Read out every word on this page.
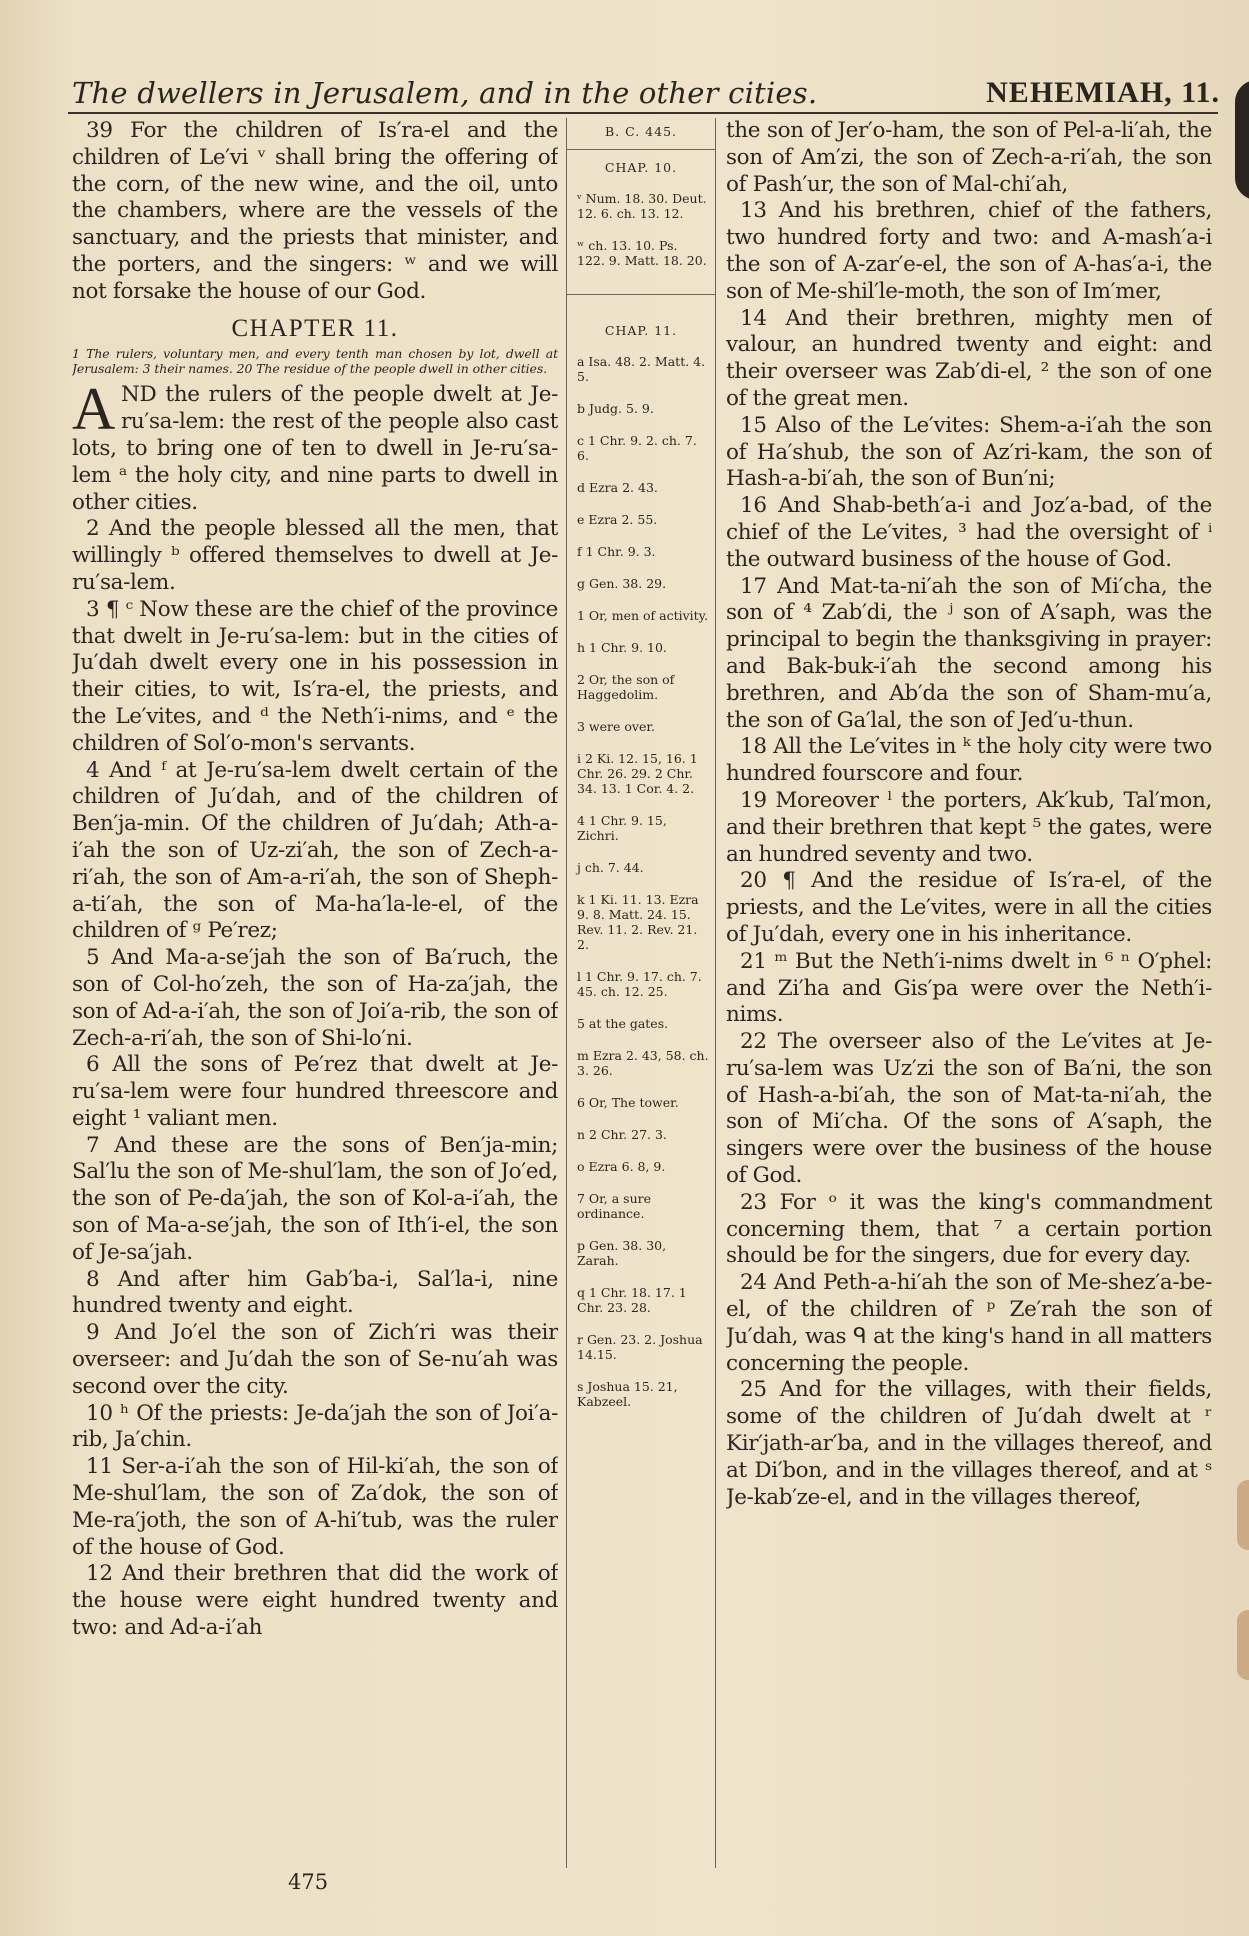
The dwellers in Jerusalem, and in the other cities.	NEHEMIAH, 11.

39 For the children of Is′ra-el and the children of Le′vi ᵛ shall bring the offering of the corn, of the new wine, and the oil, unto the chambers, where are the vessels of the sanctuary, and the priests that minister, and the porters, and the singers: ʷ and we will not forsake the house of our God.

CHAPTER 11.
1 The rulers, voluntary men, and every tenth man chosen by lot, dwell at Jerusalem: 3 their names. 20 The residue of the people dwell in other cities.

AND the rulers of the people dwelt at Je-ru′sa-lem: the rest of the people also cast lots, to bring one of ten to dwell in Je-ru′sa-lem ᵃ the holy city, and nine parts to dwell in other cities.

2 And the people blessed all the men, that willingly ᵇ offered themselves to dwell at Je-ru′sa-lem.

3 ¶ ᶜ Now these are the chief of the province that dwelt in Je-ru′sa-lem: but in the cities of Ju′dah dwelt every one in his possession in their cities, to wit, Is′ra-el, the priests, and the Le′vites, and ᵈ the Neth′i-nims, and ᵉ the children of Sol′o-mon's servants.

4 And ᶠ at Je-ru′sa-lem dwelt certain of the children of Ju′dah, and of the children of Ben′ja-min. Of the children of Ju′dah; Ath-a-i′ah the son of Uz-zi′ah, the son of Zech-a-ri′ah, the son of Am-a-ri′ah, the son of Sheph-a-ti′ah, the son of Ma-ha′la-le-el, of the children of ᵍ Pe′rez;

5 And Ma-a-se′jah the son of Ba′ruch, the son of Col-ho′zeh, the son of Ha-za′jah, the son of Ad-a-i′ah, the son of Joi′a-rib, the son of Zech-a-ri′ah, the son of Shi-lo′ni.

6 All the sons of Pe′rez that dwelt at Je-ru′sa-lem were four hundred threescore and eight ¹ valiant men.

7 And these are the sons of Ben′ja-min; Sal′lu the son of Me-shul′lam, the son of Jo′ed, the son of Pe-da′jah, the son of Kol-a-i′ah, the son of Ma-a-se′jah, the son of Ith′i-el, the son of Je-sa′jah.

8 And after him Gab′ba-i, Sal′la-i, nine hundred twenty and eight.

9 And Jo′el the son of Zich′ri was their overseer: and Ju′dah the son of Se-nu′ah was second over the city.

10 ʰ Of the priests: Je-da′jah the son of Joi′a-rib, Ja′chin.

11 Ser-a-i′ah the son of Hil-ki′ah, the son of Me-shul′lam, the son of Za′dok, the son of Me-ra′joth, the son of A-hi′tub, was the ruler of the house of God.

12 And their brethren that did the work of the house were eight hundred twenty and two: and Ad-a-i′ah

B. C. 445.

CHAP. 10.

ᵛ Num. 18. 30. Deut. 12. 6. ch. 13. 12.
ʷ ch. 13. 10. Ps. 122. 9. Matt. 18. 20.

CHAP. 11.

a Isa. 48. 2. Matt. 4. 5.
b Judg. 5. 9.
c 1 Chr. 9. 2. ch. 7. 6.
d Ezra 2. 43.
e Ezra 2. 55.
f 1 Chr. 9. 3.
g Gen. 38. 29.
1 Or, men of activity.
h 1 Chr. 9. 10.
2 Or, the son of Haggedolim.
3 were over.
i 2 Ki. 12. 15, 16. 1 Chr. 26. 29. 2 Chr. 34. 13. 1 Cor. 4. 2.
4 1 Chr. 9. 15, Zichri.
j ch. 7. 44.
k 1 Ki. 11. 13. Ezra 9. 8. Matt. 24. 15. Rev. 11. 2. Rev. 21. 2.
l 1 Chr. 9. 17. ch. 7. 45. ch. 12. 25.
5 at the gates.
m Ezra 2. 43, 58. ch. 3. 26.
6 Or, The tower.
n 2 Chr. 27. 3.
o Ezra 6. 8, 9.
7 Or, a sure ordinance.
p Gen. 38. 30, Zarah.
q 1 Chr. 18. 17. 1 Chr. 23. 28.
r Gen. 23. 2. Joshua 14.15.
s Joshua 15. 21, Kabzeel.

the son of Jer′o-ham, the son of Pel-a-li′ah, the son of Am′zi, the son of Zech-a-ri′ah, the son of Pash′ur, the son of Mal-chi′ah,

13 And his brethren, chief of the fathers, two hundred forty and two: and A-mash′a-i the son of A-zar′e-el, the son of A-has′a-i, the son of Me-shil′le-moth, the son of Im′mer,

14 And their brethren, mighty men of valour, an hundred twenty and eight: and their overseer was Zab′di-el, ² the son of one of the great men.

15 Also of the Le′vites: Shem-a-i′ah the son of Ha′shub, the son of Az′ri-kam, the son of Hash-a-bi′ah, the son of Bun′ni;

16 And Shab-beth′a-i and Joz′a-bad, of the chief of the Le′vites, ³ had the oversight of ⁱ the outward business of the house of God.

17 And Mat-ta-ni′ah the son of Mi′cha, the son of ⁴ Zab′di, the ʲ son of A′saph, was the principal to begin the thanksgiving in prayer: and Bak-buk-i′ah the second among his brethren, and Ab′da the son of Sham-mu′a, the son of Ga′lal, the son of Jed′u-thun.

18 All the Le′vites in ᵏ the holy city were two hundred fourscore and four.

19 Moreover ˡ the porters, Ak′kub, Tal′mon, and their brethren that kept ⁵ the gates, were an hundred seventy and two.

20 ¶ And the residue of Is′ra-el, of the priests, and the Le′vites, were in all the cities of Ju′dah, every one in his inheritance.

21 ᵐ But the Neth′i-nims dwelt in ⁶ ⁿ O′phel: and Zi′ha and Gis′pa were over the Neth′i-nims.

22 The overseer also of the Le′vites at Je-ru′sa-lem was Uz′zi the son of Ba′ni, the son of Hash-a-bi′ah, the son of Mat-ta-ni′ah, the son of Mi′cha. Of the sons of A′saph, the singers were over the business of the house of God.

23 For ᵒ it was the king's commandment concerning them, that ⁷ a certain portion should be for the singers, due for every day.

24 And Peth-a-hi′ah the son of Me-shez′a-be-el, of the children of ᵖ Ze′rah the son of Ju′dah, was ᑫ at the king's hand in all matters concerning the people.

25 And for the villages, with their fields, some of the children of Ju′dah dwelt at ʳ Kir′jath-ar′ba, and in the villages thereof, and at Di′bon, and in the villages thereof, and at ˢ Je-kab′ze-el, and in the villages thereof,

475
